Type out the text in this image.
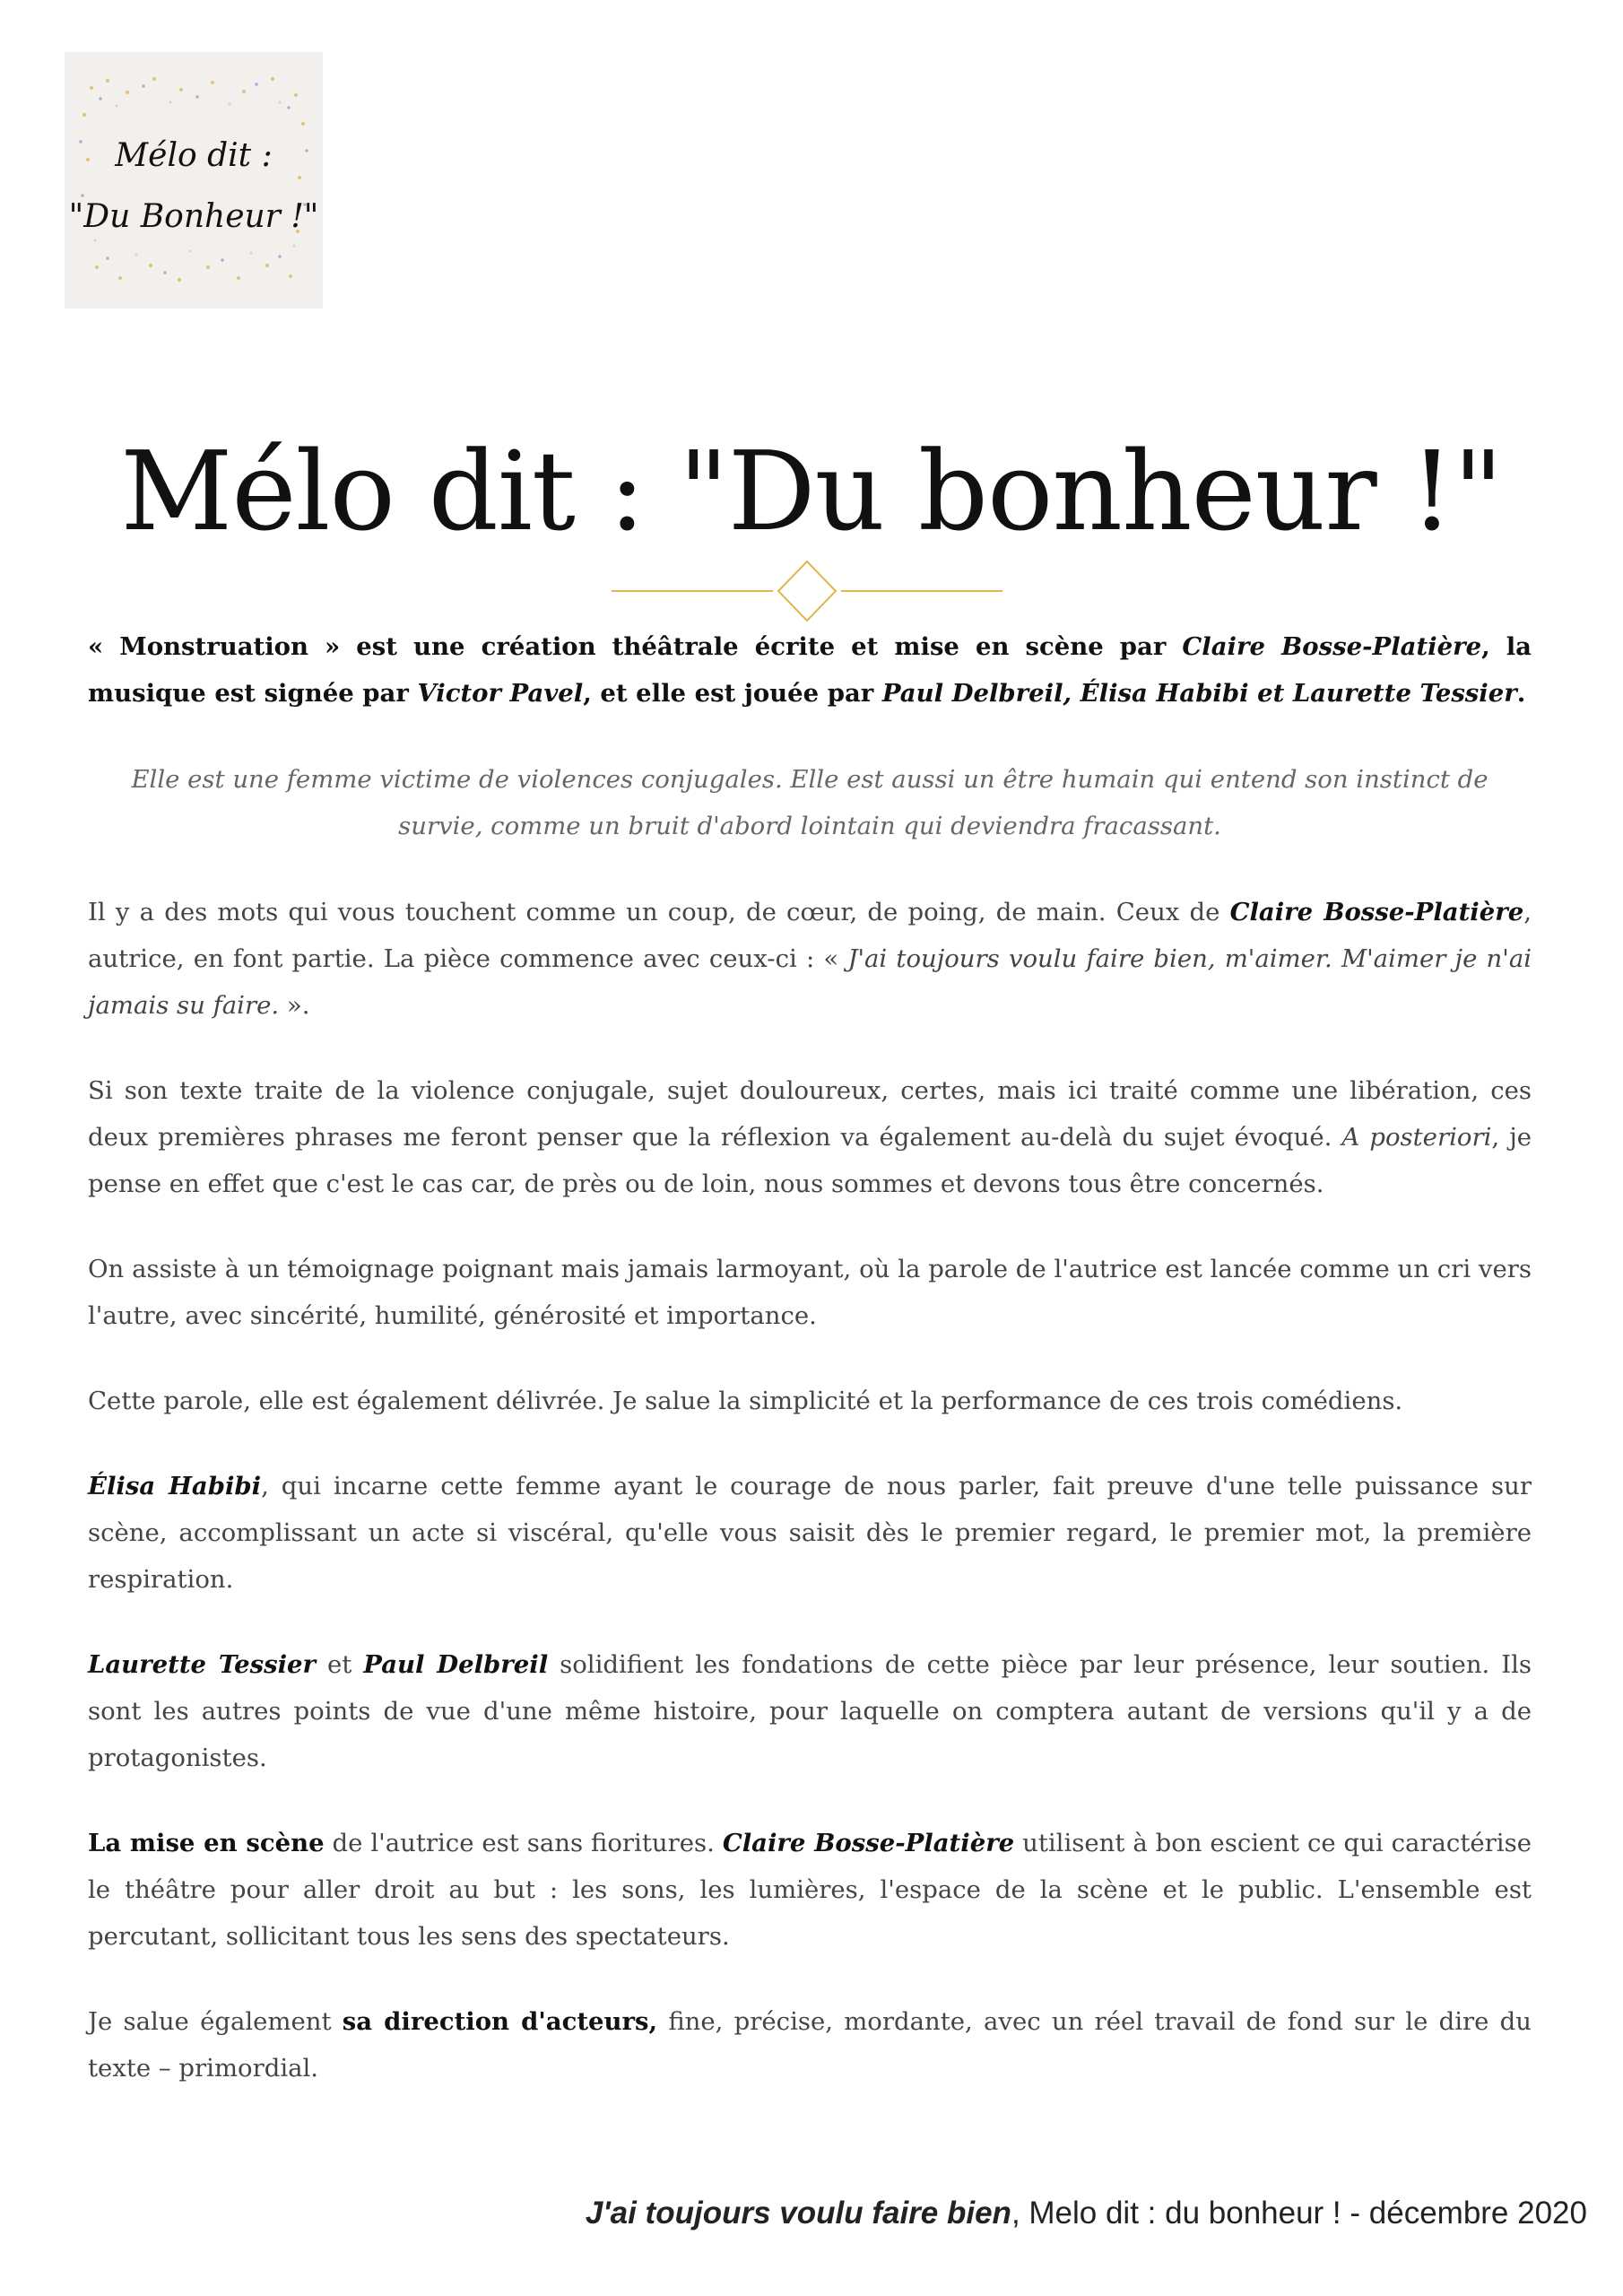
Mélo dit :
"Du Bonheur !"
Mélo dit : "Du bonheur !"

« Monstruation » est une création théâtrale écrite et mise en scène par Claire Bosse-Platière, la musique est signée par Victor Pavel, et elle est jouée par Paul Delbreil, Élisa Habibi et Laurette Tessier.

Elle est une femme victime de violences conjugales. Elle est aussi un être humain qui entend son instinct de survie, comme un bruit d'abord lointain qui deviendra fracassant.

Il y a des mots qui vous touchent comme un coup, de cœur, de poing, de main. Ceux de Claire Bosse-Platière, autrice, en font partie. La pièce commence avec ceux-ci : « J'ai toujours voulu faire bien, m'aimer. M'aimer je n'ai jamais su faire. ».

Si son texte traite de la violence conjugale, sujet douloureux, certes, mais ici traité comme une libération, ces deux premières phrases me feront penser que la réflexion va également au-delà du sujet évoqué. A posteriori, je pense en effet que c'est le cas car, de près ou de loin, nous sommes et devons tous être concernés.

On assiste à un témoignage poignant mais jamais larmoyant, où la parole de l'autrice est lancée comme un cri vers l'autre, avec sincérité, humilité, générosité et importance.

Cette parole, elle est également délivrée. Je salue la simplicité et la performance de ces trois comédiens.

Élisa Habibi, qui incarne cette femme ayant le courage de nous parler, fait preuve d'une telle puissance sur scène, accomplissant un acte si viscéral, qu'elle vous saisit dès le premier regard, le premier mot, la première respiration.

Laurette Tessier et Paul Delbreil solidifient les fondations de cette pièce par leur présence, leur soutien. Ils sont les autres points de vue d'une même histoire, pour laquelle on comptera autant de versions qu'il y a de protagonistes.

La mise en scène de l'autrice est sans fioritures. Claire Bosse-Platière utilisent à bon escient ce qui caractérise le théâtre pour aller droit au but : les sons, les lumières, l'espace de la scène et le public. L'ensemble est percutant, sollicitant tous les sens des spectateurs.

Je salue également sa direction d'acteurs, fine, précise, mordante, avec un réel travail de fond sur le dire du texte – primordial.

J'ai toujours voulu faire bien, Melo dit : du bonheur ! - décembre 2020
